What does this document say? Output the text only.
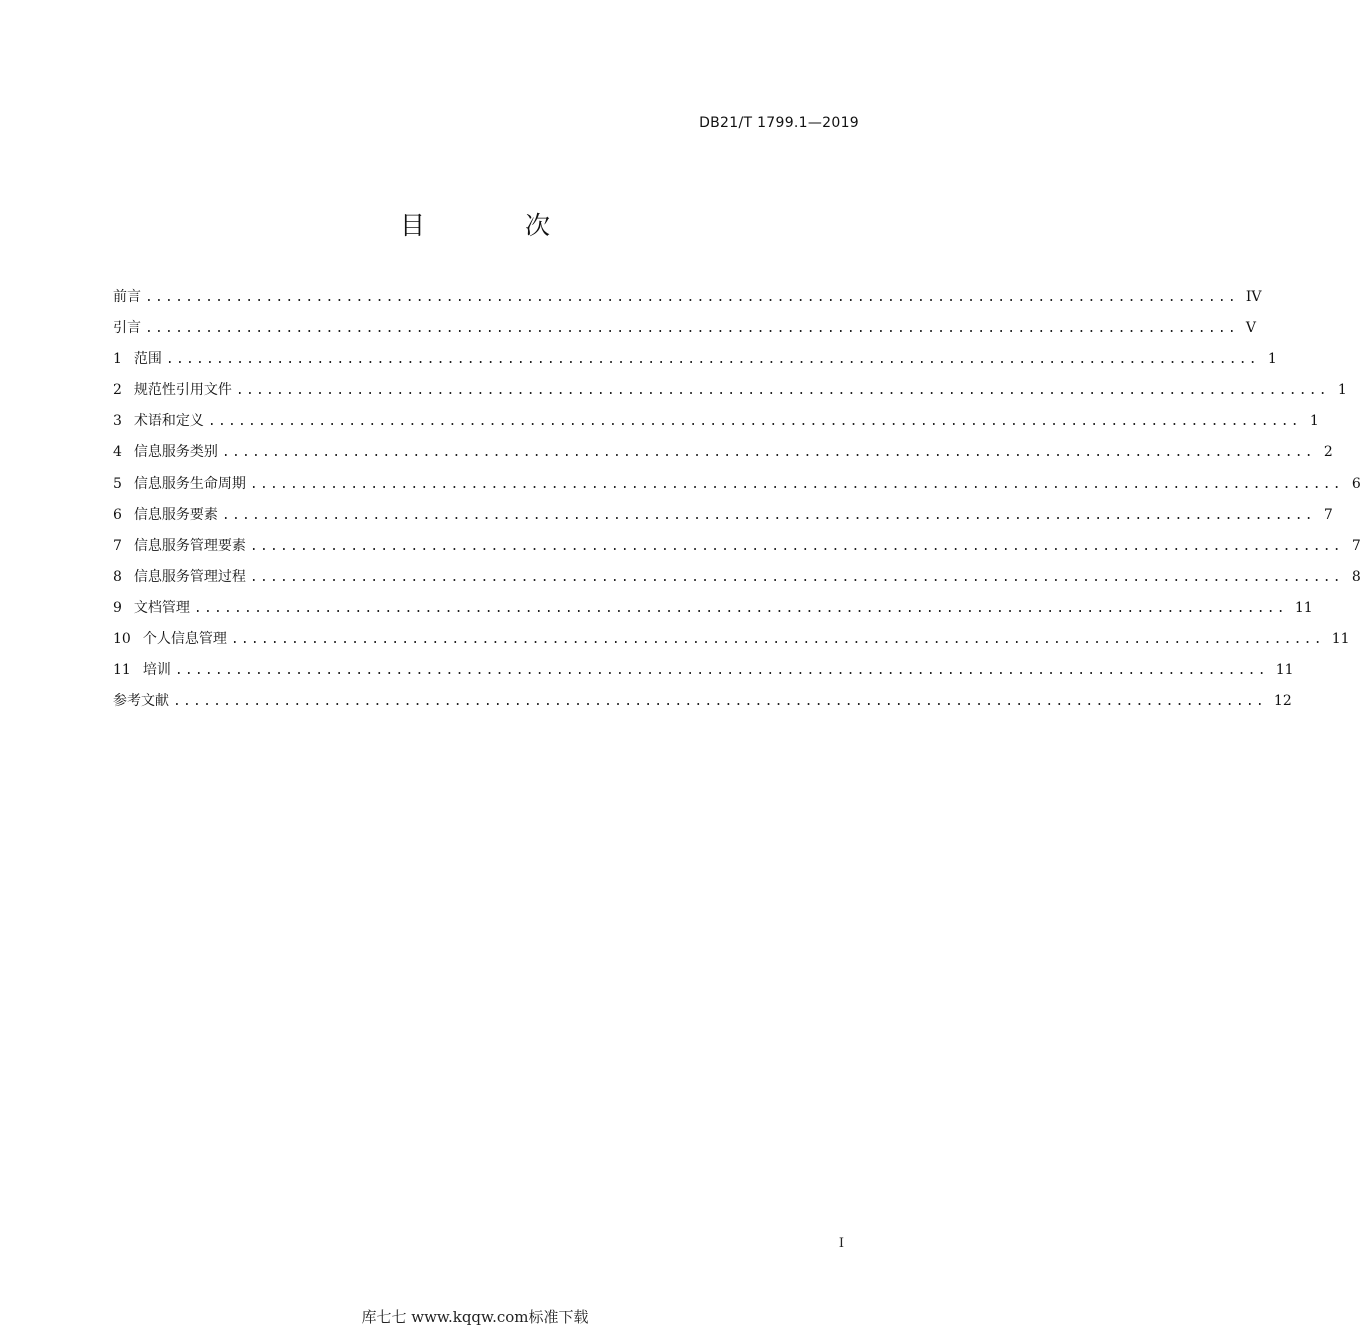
DB21/T 1799.1—2019
目 次
前言 ............................................................................................................. IV
引言 ............................................................................................................. V
1 范围 ............................................................................................................. 1
2 规范性引用文件 ............................................................................................................. 1
3 术语和定义 ............................................................................................................. 1
4 信息服务类别 ............................................................................................................. 2
5 信息服务生命周期 ............................................................................................................. 6
6 信息服务要素 ............................................................................................................. 7
7 信息服务管理要素 ............................................................................................................. 7
8 信息服务管理过程 ............................................................................................................. 8
9 文档管理 ............................................................................................................. 11
10 个人信息管理 ............................................................................................................. 11
11 培训 ............................................................................................................. 11
参考文献 ............................................................................................................. 12
I
库七七 www.kqqw.com标准下载
